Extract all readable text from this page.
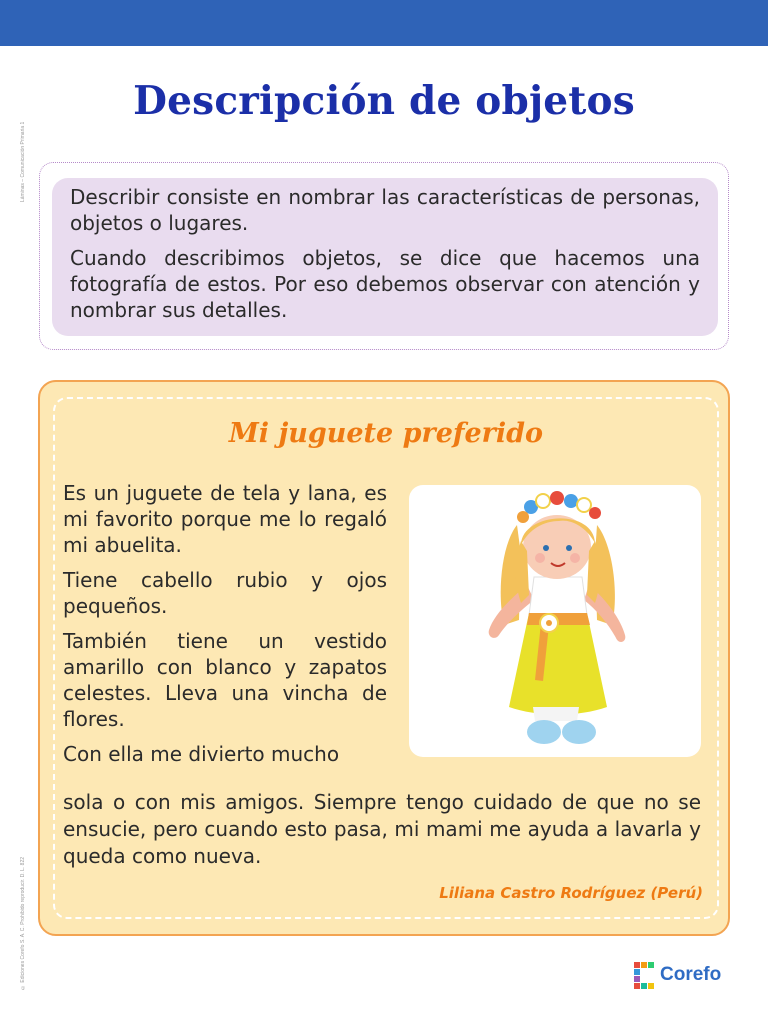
Láminas – Comunicación Primaria 1
© Ediciones Corefo S. A. C. Prohibido reproducir. D. L. 822
Descripción de objetos

Describir consiste en nombrar las características de personas, objetos o lugares.

Cuando describimos objetos, se dice que hacemos una fotografía de estos. Por eso debemos observar con atención y nombrar sus detalles.

Mi juguete preferido

Es un juguete de tela y lana, es mi favorito porque me lo regaló mi abuelita.

Tiene cabello rubio y ojos pequeños.

También tiene un vestido amarillo con blanco y zapatos celestes. Lleva una vincha de flores.

Con ella me divierto mucho

sola o con mis amigos. Siempre tengo cuidado de que no se ensucie, pero cuando esto pasa, mi mami me ayuda a lavarla y queda como nueva.

Liliana Castro Rodríguez (Perú)
Corefo
